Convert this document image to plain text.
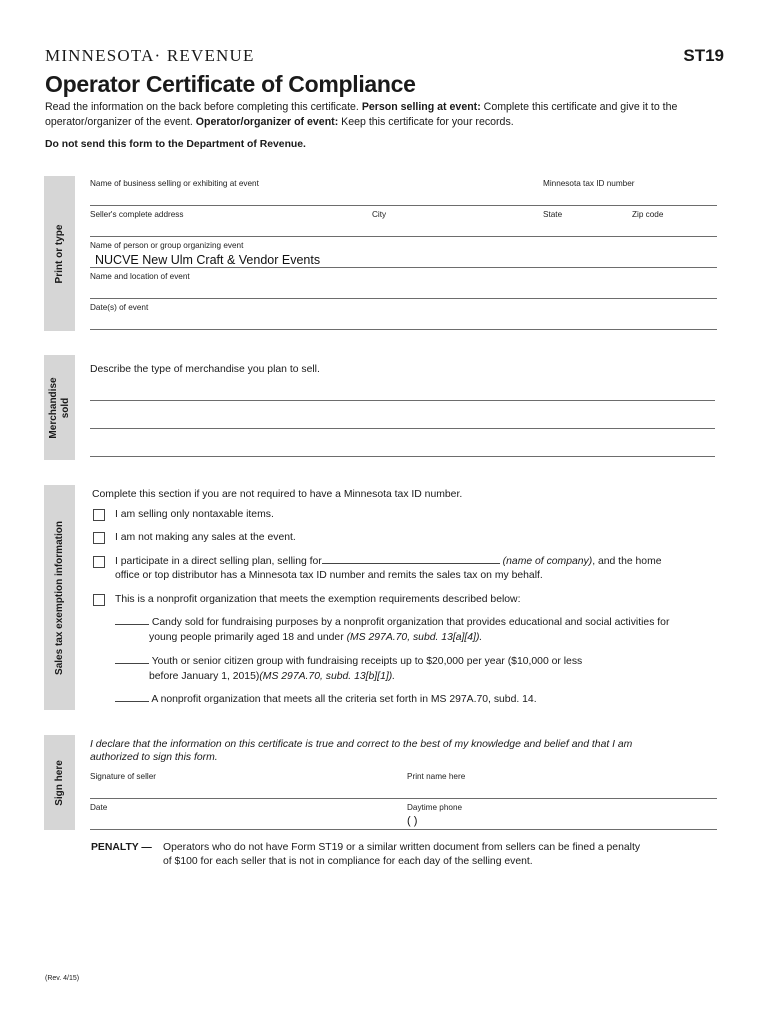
MINNESOTA· REVENUE	ST19
Operator Certificate of Compliance
Read the information on the back before completing this certificate. Person selling at event: Complete this certificate and give it to the operator/organizer of the event. Operator/organizer of event: Keep this certificate for your records.
Do not send this form to the Department of Revenue.
Print or type
Name of business selling or exhibiting at event	Minnesota tax ID number
Seller's complete address	City	State	Zip code
Name of person or group organizing event
NUCVE New Ulm Craft & Vendor Events
Name and location of event
Date(s) of event
Merchandise
sold
Describe the type of merchandise you plan to sell.
Sales tax exemption information
Complete this section if you are not required to have a Minnesota tax ID number.
I am selling only nontaxable items.
I am not making any sales at the event.
I participate in a direct selling plan, selling for	(name of company), and the home
office or top distributor has a Minnesota tax ID number and remits the sales tax on my behalf.
This is a nonprofit organization that meets the exemption requirements described below:
Candy sold for fundraising purposes by a nonprofit organization that provides educational and social activities for
young people primarily aged 18 and under (MS 297A.70, subd. 13[a][4]).
Youth or senior citizen group with fundraising receipts up to $20,000 per year ($10,000 or less
before January 1, 2015)(MS 297A.70, subd. 13[b][1]).
A nonprofit organization that meets all the criteria set forth in MS 297A.70, subd. 14.
Sign here
I declare that the information on this certificate is true and correct to the best of my knowledge and belief and that I am
authorized to sign this form.
Signature of seller	Print name here
Date	Daytime phone
( )
PENALTY — Operators who do not have Form ST19 or a similar written document from sellers can be fined a penalty
of $100 for each seller that is not in compliance for each day of the selling event.
(Rev. 4/15)
